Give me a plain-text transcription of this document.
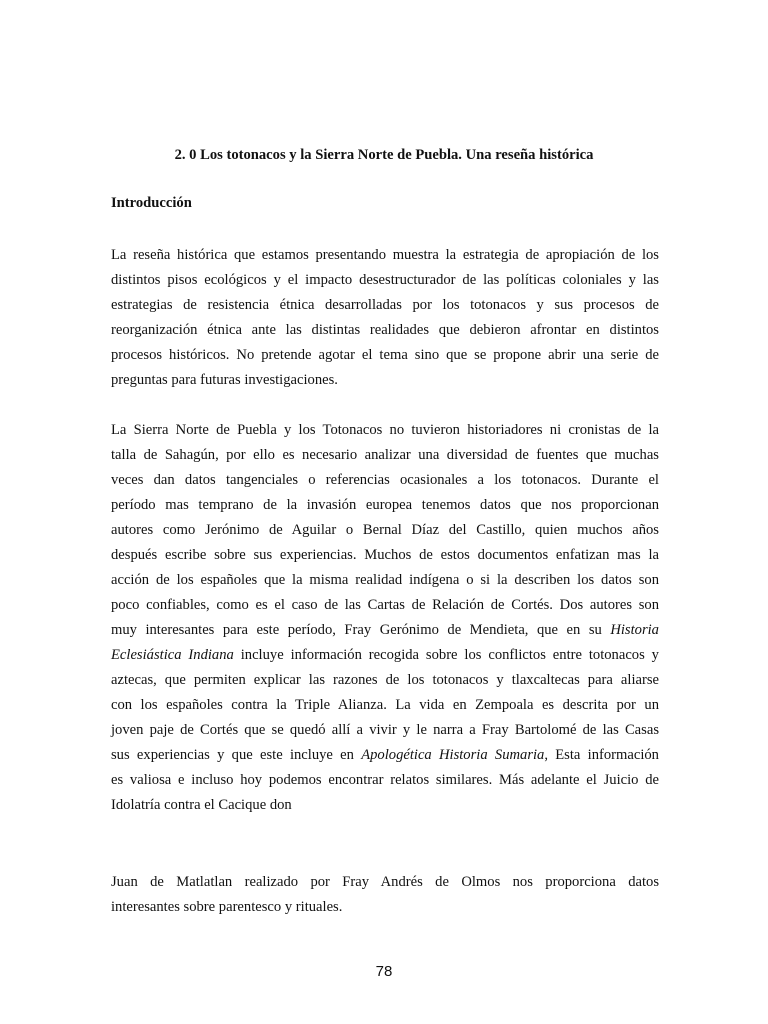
2. 0 Los totonacos y la Sierra Norte de Puebla. Una reseña histórica
Introducción
La reseña histórica que estamos presentando muestra la estrategia de apropiación de los
distintos pisos ecológicos y el impacto desestructurador de las políticas coloniales y las
estrategias de resistencia étnica desarrolladas por los totonacos y sus procesos de
reorganización étnica ante las distintas realidades que debieron afrontar en distintos
procesos históricos. No pretende agotar el tema sino que se propone abrir una serie de
preguntas para futuras investigaciones.
La Sierra Norte de Puebla y los Totonacos no tuvieron historiadores ni cronistas de la
talla de Sahagún, por ello es necesario analizar una diversidad de fuentes que muchas
veces dan datos tangenciales o referencias ocasionales a los totonacos. Durante el
período mas temprano de la invasión europea tenemos datos que nos proporcionan
autores como Jerónimo de Aguilar o Bernal Díaz del Castillo, quien muchos años
después escribe sobre sus experiencias. Muchos de estos documentos enfatizan mas la
acción de los españoles que la misma realidad indígena o si la describen los datos son
poco confiables, como es el caso de las Cartas de Relación de Cortés. Dos autores son
muy interesantes para este período, Fray Gerónimo de Mendieta, que en su Historia
Eclesiástica Indiana incluye información recogida sobre los conflictos entre totonacos y
aztecas, que permiten explicar las razones de los totonacos y tlaxcaltecas para aliarse
con los españoles contra la Triple Alianza. La vida en Zempoala es descrita por un
joven paje de Cortés que se quedó allí a vivir y le narra a Fray Bartolomé de las Casas
sus experiencias y que este incluye en Apologética Historia Sumaria, Esta información
es valiosa e incluso hoy podemos encontrar relatos similares. Más adelante el Juicio de
Idolatría contra el Cacique don
Juan de Matlatlan realizado por Fray Andrés de Olmos nos proporciona datos
interesantes sobre parentesco y rituales.
78
